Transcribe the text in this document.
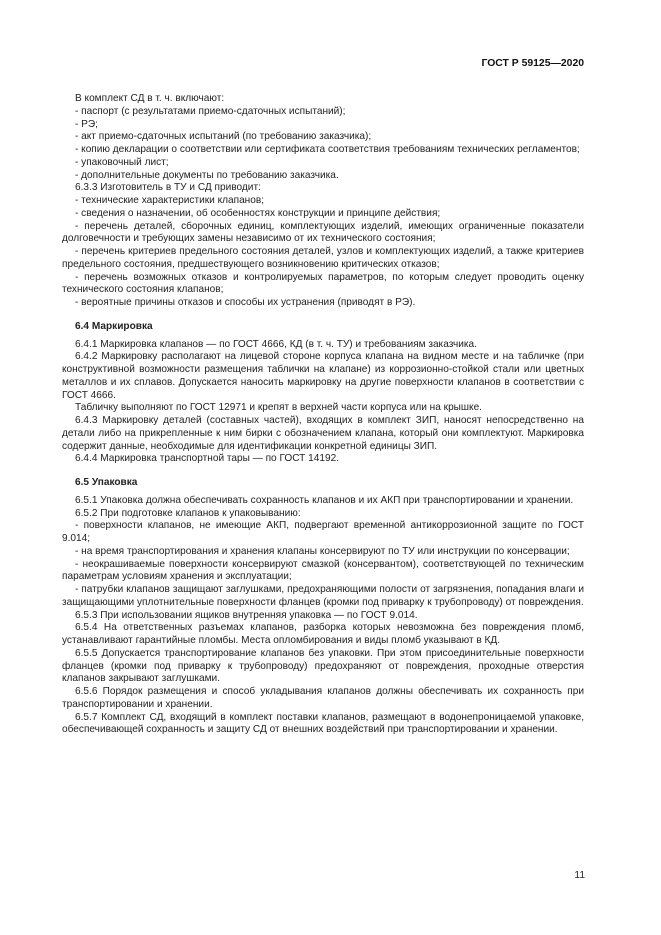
ГОСТ Р 59125—2020

В комплект СД в т. ч. включают:

- паспорт (с результатами приемо-сдаточных испытаний);

- РЭ;

- акт приемо-сдаточных испытаний (по требованию заказчика);

- копию декларации о соответствии или сертификата соответствия требованиям технических регламентов;

- упаковочный лист;

- дополнительные документы по требованию заказчика.

6.3.3 Изготовитель в ТУ и СД приводит:

- технические характеристики клапанов;

- сведения о назначении, об особенностях конструкции и принципе действия;

- перечень деталей, сборочных единиц, комплектующих изделий, имеющих ограниченные показатели долговечности и требующих замены независимо от их технического состояния;

- перечень критериев предельного состояния деталей, узлов и комплектующих изделий, а также критериев предельного состояния, предшествующего возникновению критических отказов;

- перечень возможных отказов и контролируемых параметров, по которым следует проводить оценку технического состояния клапанов;

- вероятные причины отказов и способы их устранения (приводят в РЭ).

6.4 Маркировка

6.4.1 Маркировка клапанов — по ГОСТ 4666, КД (в т. ч. ТУ) и требованиям заказчика.

6.4.2 Маркировку располагают на лицевой стороне корпуса клапана на видном месте и на табличке (при конструктивной возможности размещения таблички на клапане) из коррозионно-стойкой стали или цветных металлов и их сплавов. Допускается наносить маркировку на другие поверхности клапанов в соответствии с ГОСТ 4666.

Табличку выполняют по ГОСТ 12971 и крепят в верхней части корпуса или на крышке.

6.4.3 Маркировку деталей (составных частей), входящих в комплект ЗИП, наносят непосредственно на детали либо на прикрепленные к ним бирки с обозначением клапана, который они комплектуют. Маркировка содержит данные, необходимые для идентификации конкретной единицы ЗИП.

6.4.4 Маркировка транспортной тары — по ГОСТ 14192.

6.5 Упаковка

6.5.1 Упаковка должна обеспечивать сохранность клапанов и их АКП при транспортировании и хранении.

6.5.2 При подготовке клапанов к упаковыванию:

- поверхности клапанов, не имеющие АКП, подвергают временной антикоррозионной защите по ГОСТ 9.014;

- на время транспортирования и хранения клапаны консервируют по ТУ или инструкции по консервации;

- неокрашиваемые поверхности консервируют смазкой (консервантом), соответствующей по техническим параметрам условиям хранения и эксплуатации;

- патрубки клапанов защищают заглушками, предохраняющими полости от загрязнения, попадания влаги и защищающими уплотнительные поверхности фланцев (кромки под приварку к трубопроводу) от повреждения.

6.5.3 При использовании ящиков внутренняя упаковка — по ГОСТ 9.014.

6.5.4 На ответственных разъемах клапанов, разборка которых невозможна без повреждения пломб, устанавливают гарантийные пломбы. Места опломбирования и виды пломб указывают в КД.

6.5.5 Допускается транспортирование клапанов без упаковки. При этом присоединительные поверхности фланцев (кромки под приварку к трубопроводу) предохраняют от повреждения, проходные отверстия клапанов закрывают заглушками.

6.5.6 Порядок размещения и способ укладывания клапанов должны обеспечивать их сохранность при транспортировании и хранении.

6.5.7 Комплект СД, входящий в комплект поставки клапанов, размещают в водонепроницаемой упаковке, обеспечивающей сохранность и защиту СД от внешних воздействий при транспортировании и хранении.

11
